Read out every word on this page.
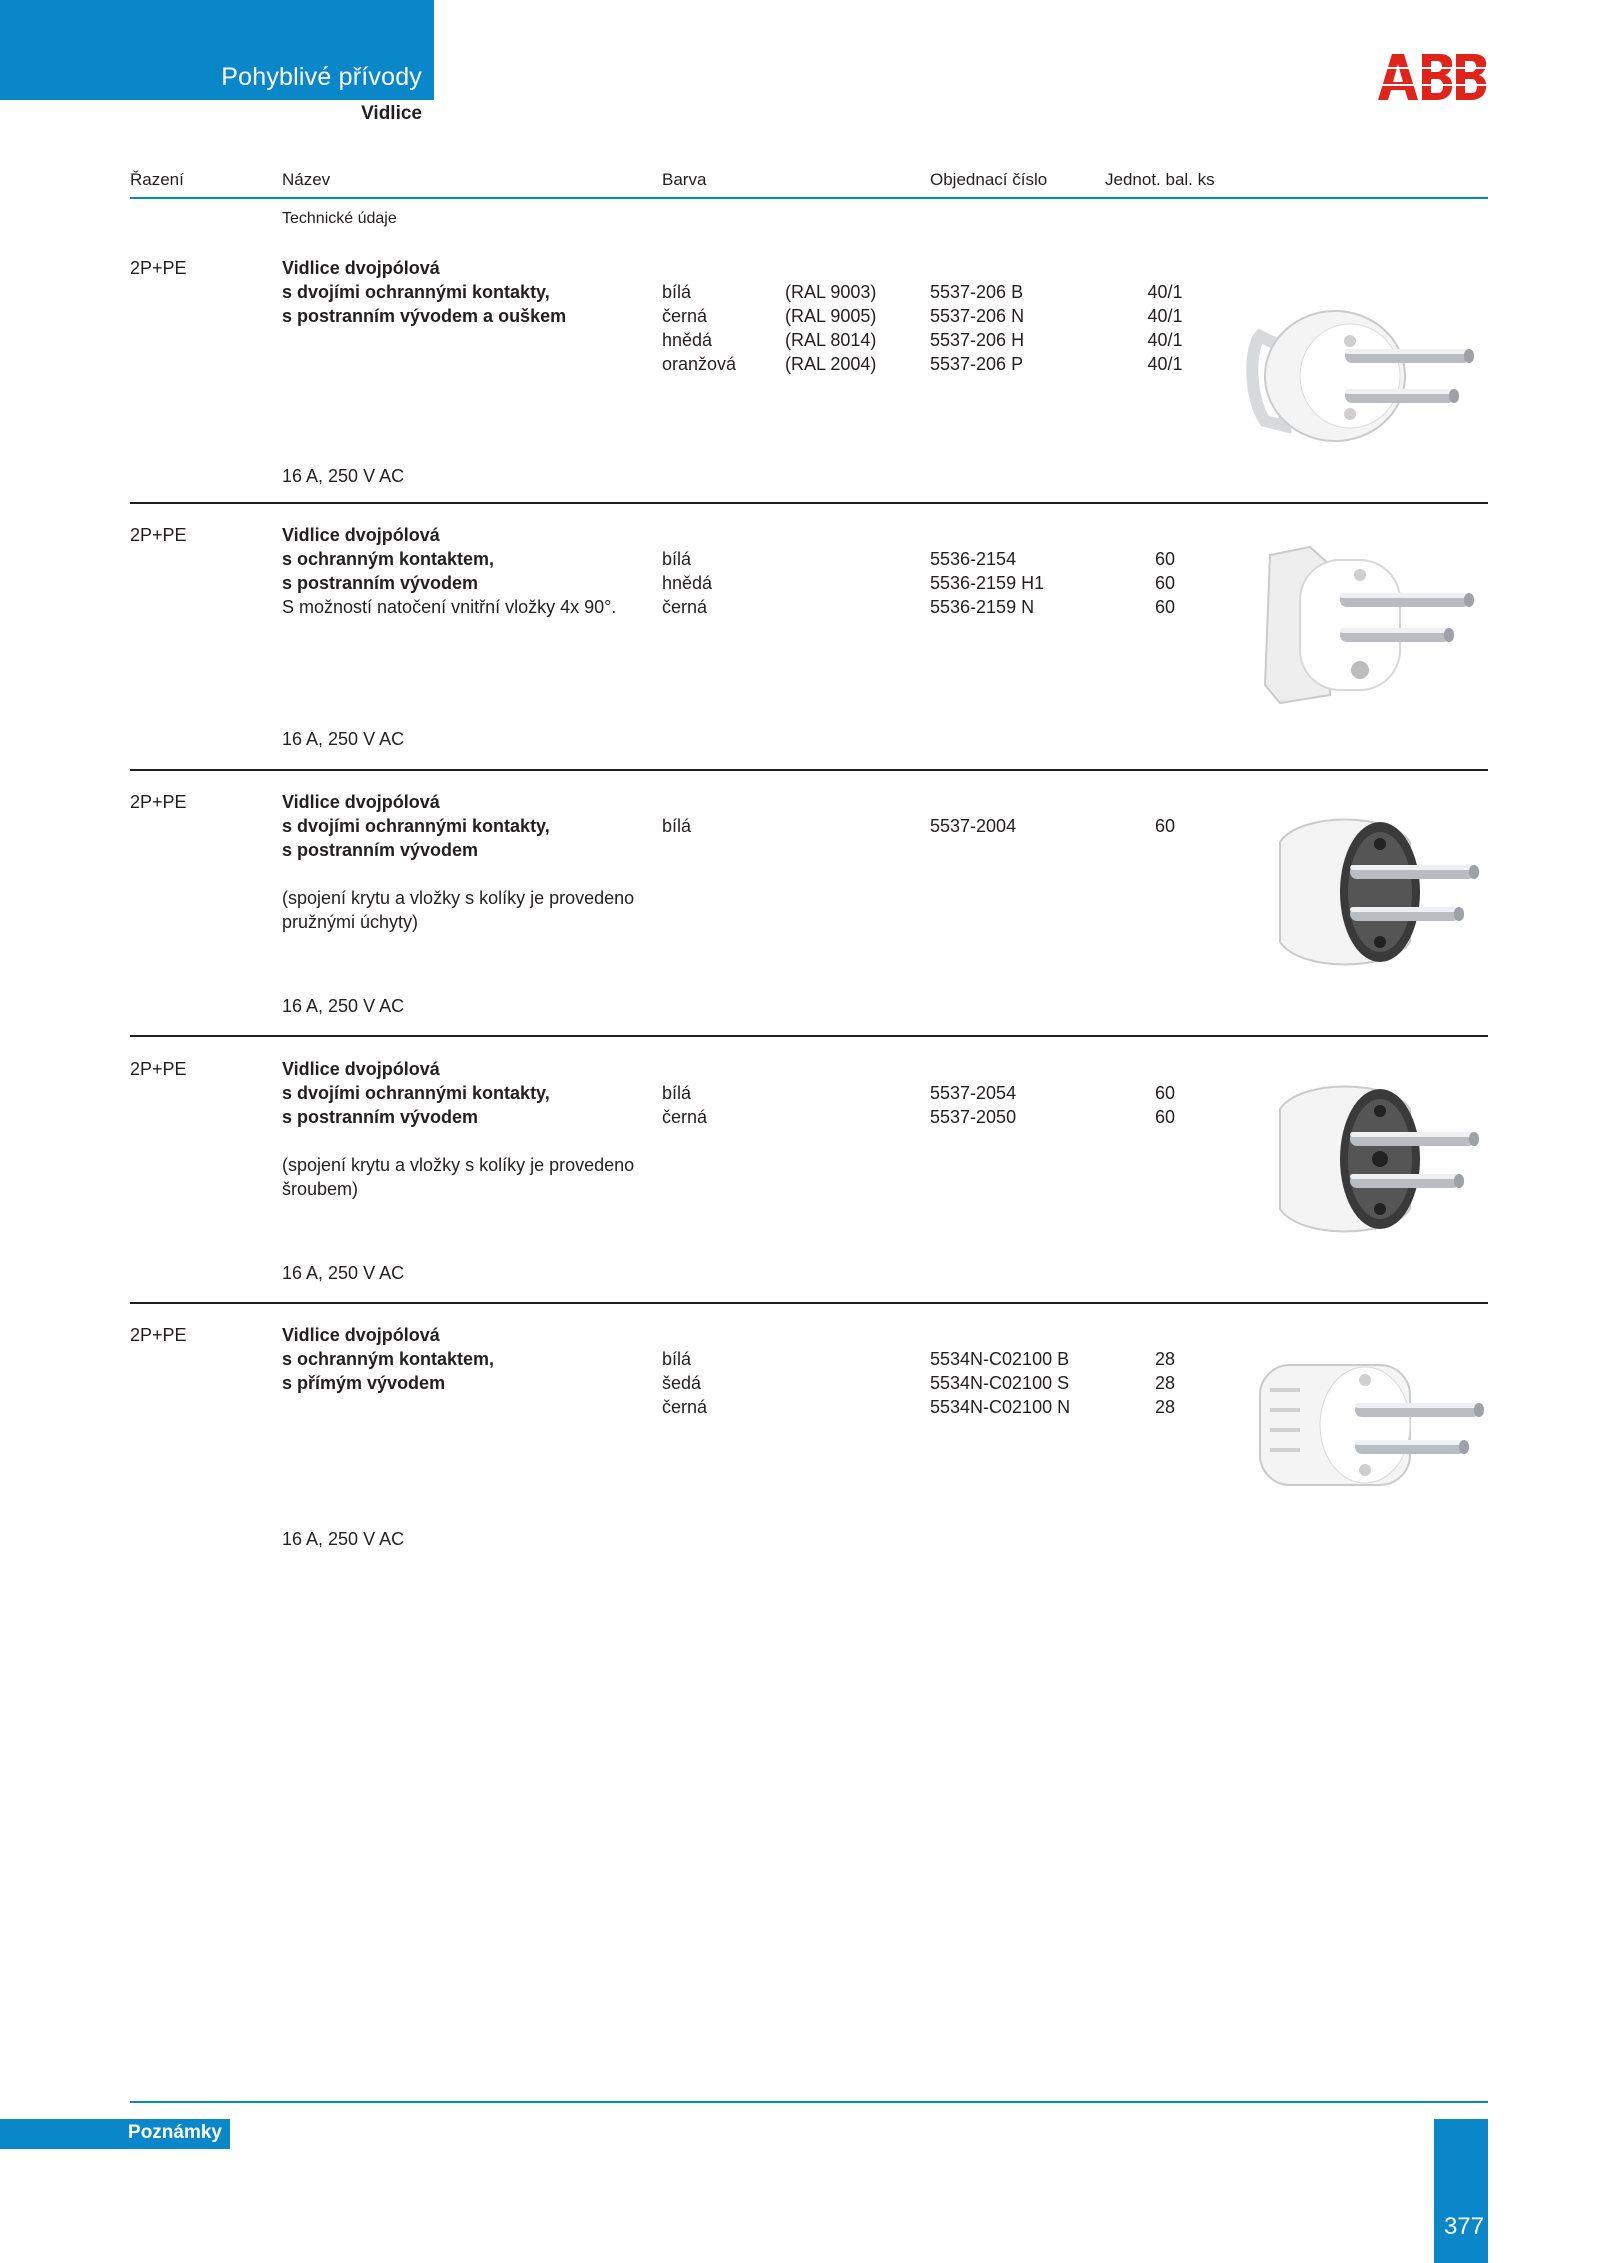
Pohyblivé přívody
Vidlice
Řazení	Název	Barva	Objednací číslo	Jednot. bal. ks
Technické údaje
2P+PE	Vidlice dvojpólová
s dvojími ochrannými kontakty,
s postranním vývodem a ouškem
bílá	(RAL 9003)	5537-206 B	40/1
černá	(RAL 9005)	5537-206 N	40/1
hnědá	(RAL 8014)	5537-206 H	40/1
oranžová	(RAL 2004)	5537-206 P	40/1
16 A, 250 V AC
2P+PE	Vidlice dvojpólová
s ochranným kontaktem,
s postranním vývodem
S možností natočení vnitřní vložky 4x 90°.
bílá	5536-2154	60
hnědá	5536-2159 H1	60
černá	5536-2159 N	60
16 A, 250 V AC
2P+PE	Vidlice dvojpólová
s dvojími ochrannými kontakty,
s postranním vývodem
(spojení krytu a vložky s kolíky je provedeno
pružnými úchyty)
bílá	5537-2004	60
16 A, 250 V AC
2P+PE	Vidlice dvojpólová
s dvojími ochrannými kontakty,
s postranním vývodem
(spojení krytu a vložky s kolíky je provedeno
šroubem)
bílá	5537-2054	60
černá	5537-2050	60
16 A, 250 V AC
2P+PE	Vidlice dvojpólová
s ochranným kontaktem,
s přímým vývodem
bílá	5534N-C02100 B	28
šedá	5534N-C02100 S	28
černá	5534N-C02100 N	28
16 A, 250 V AC
Poznámky
377
